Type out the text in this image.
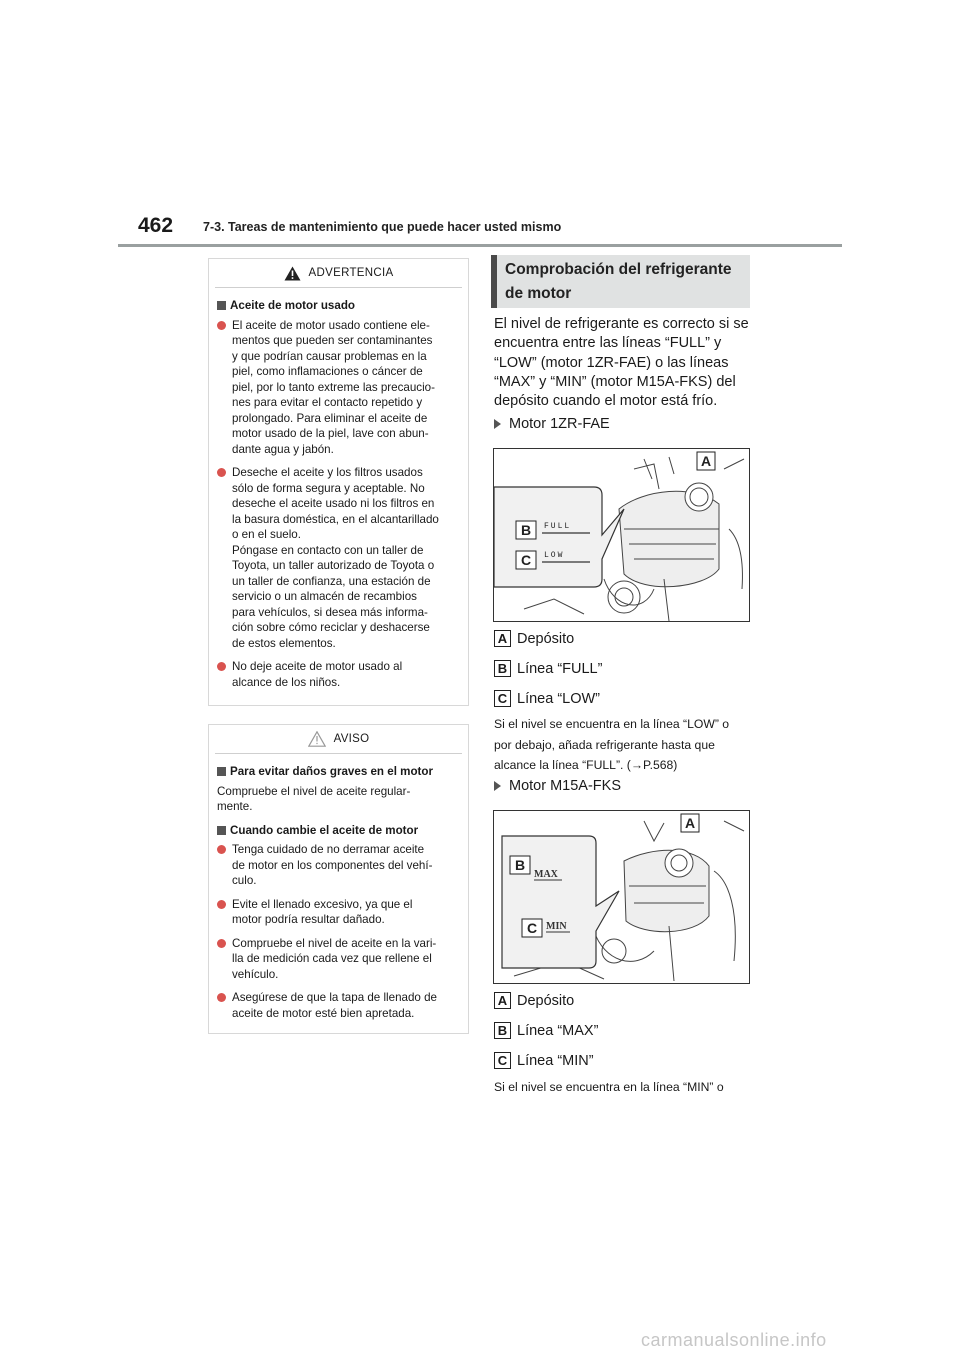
462 7-3. Tareas de mantenimiento que puede hacer usted mismo
ADVERTENCIA
Aceite de motor usado
El aceite de motor usado contiene ele-
mentos que pueden ser contaminantes
y que podrían causar problemas en la
piel, como inflamaciones o cáncer de
piel, por lo tanto extreme las precaucio-
nes para evitar el contacto repetido y
prolongado. Para eliminar el aceite de
motor usado de la piel, lave con abun-
dante agua y jabón.
Deseche el aceite y los filtros usados
sólo de forma segura y aceptable. No
deseche el aceite usado ni los filtros en
la basura doméstica, en el alcantarillado
o en el suelo.
Póngase en contacto con un taller de
Toyota, un taller autorizado de Toyota o
un taller de confianza, una estación de
servicio o un almacén de recambios
para vehículos, si desea más informa-
ción sobre cómo reciclar y deshacerse
de estos elementos.
No deje aceite de motor usado al
alcance de los niños.
AVISO
Para evitar daños graves en el motor
Compruebe el nivel de aceite regular-
mente.
Cuando cambie el aceite de motor
Tenga cuidado de no derramar aceite
de motor en los componentes del vehí-
culo.
Evite el llenado excesivo, ya que el
motor podría resultar dañado.
Compruebe el nivel de aceite en la vari-
lla de medición cada vez que rellene el
vehículo.
Asegúrese de que la tapa de llenado de
aceite de motor esté bien apretada.
Comprobación del refrigerante
de motor
El nivel de refrigerante es correcto si se
encuentra entre las líneas “FULL” y
“LOW” (motor 1ZR-FAE) o las líneas
“MAX” y “MIN” (motor M15A-FKS) del
depósito cuando el motor está frío.
Motor 1ZR-FAE
A
B
C
FULL
LOW
A Depósito
B Línea “FULL”
C Línea “LOW”
Si el nivel se encuentra en la línea “LOW” o
por debajo, añada refrigerante hasta que
alcance la línea “FULL”. (→P.568)
Motor M15A-FKS
A
B
C
MAX
MIN
A Depósito
B Línea “MAX”
C Línea “MIN”
Si el nivel se encuentra en la línea “MIN” o
carmanualsonline.info
